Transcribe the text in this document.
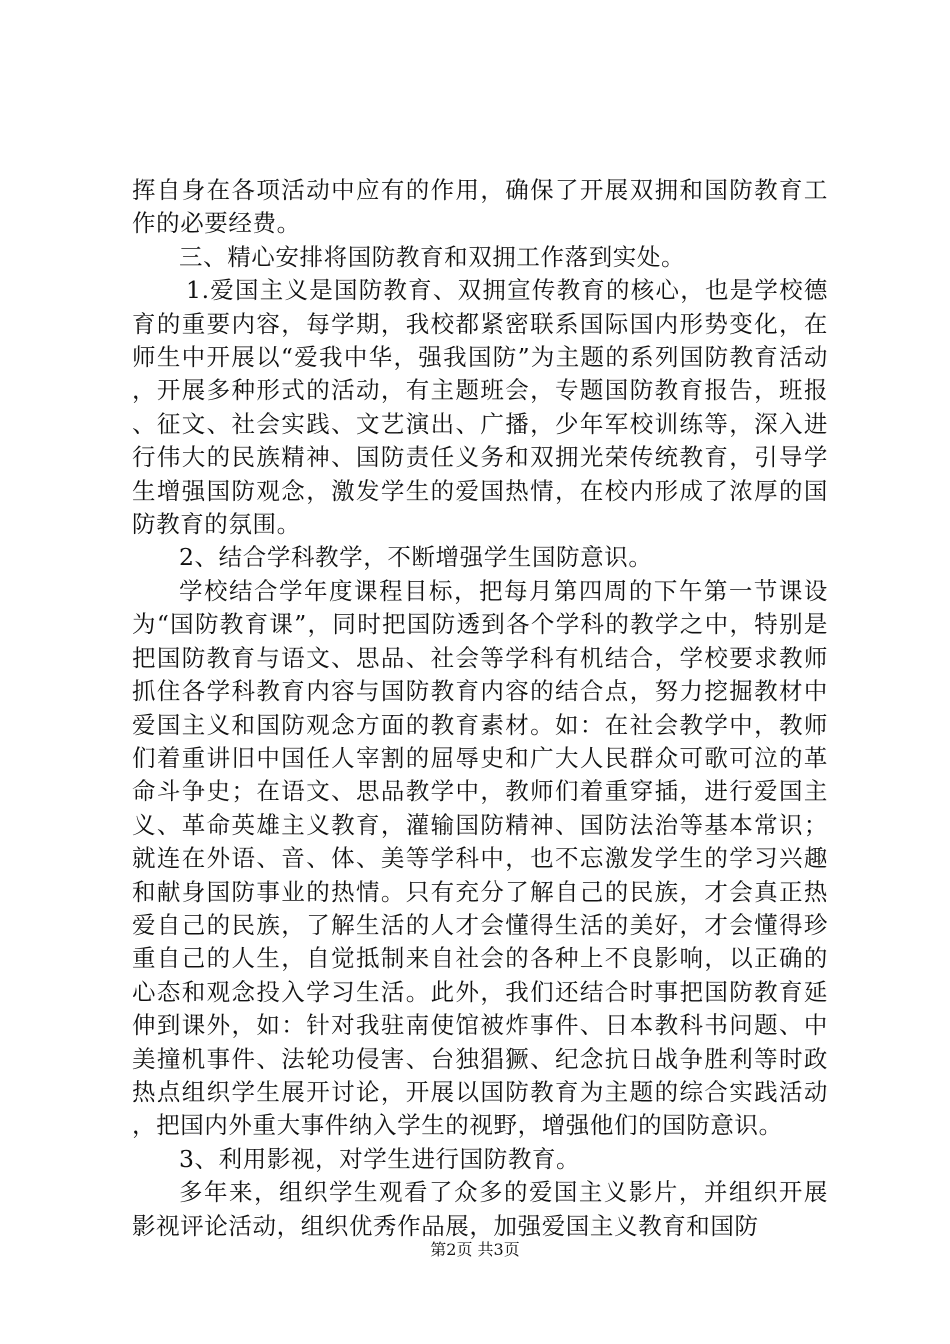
挥自身在各项活动中应有的作用，确保了开展双拥和国防教育工作的必要经费。

三、精心安排将国防教育和双拥工作落到实处。

1.爱国主义是国防教育、双拥宣传教育的核心，也是学校德育的重要内容，每学期，我校都紧密联系国际国内形势变化，在师生中开展以“爱我中华，强我国防”为主题的系列国防教育活动，开展多种形式的活动，有主题班会，专题国防教育报告，班报、征文、社会实践、文艺演出、广播，少年军校训练等，深入进行伟大的民族精神、国防责任义务和双拥光荣传统教育，引导学生增强国防观念，激发学生的爱国热情，在校内形成了浓厚的国防教育的氛围。

2、结合学科教学，不断增强学生国防意识。

学校结合学年度课程目标，把每月第四周的下午第一节课设为“国防教育课”，同时把国防透到各个学科的教学之中，特别是把国防教育与语文、思品、社会等学科有机结合，学校要求教师抓住各学科教育内容与国防教育内容的结合点，努力挖掘教材中爱国主义和国防观念方面的教育素材。如：在社会教学中，教师们着重讲旧中国任人宰割的屈辱史和广大人民群众可歌可泣的革命斗争史；在语文、思品教学中，教师们着重穿插，进行爱国主义、革命英雄主义教育，灌输国防精神、国防法治等基本常识；就连在外语、音、体、美等学科中，也不忘激发学生的学习兴趣和献身国防事业的热情。只有充分了解自己的民族，才会真正热爱自己的民族，了解生活的人才会懂得生活的美好，才会懂得珍重自己的人生，自觉抵制来自社会的各种上不良影响，以正确的心态和观念投入学习生活。此外，我们还结合时事把国防教育延伸到课外，如：针对我驻南使馆被炸事件、日本教科书问题、中美撞机事件、法轮功侵害、台独猖獗、纪念抗日战争胜利等时政热点组织学生展开讨论，开展以国防教育为主题的综合实践活动，把国内外重大事件纳入学生的视野，增强他们的国防意识。

3、利用影视，对学生进行国防教育。

多年来，组织学生观看了众多的爱国主义影片，并组织开展影视评论活动，组织优秀作品展，加强爱国主义教育和国防

第2页 共3页
